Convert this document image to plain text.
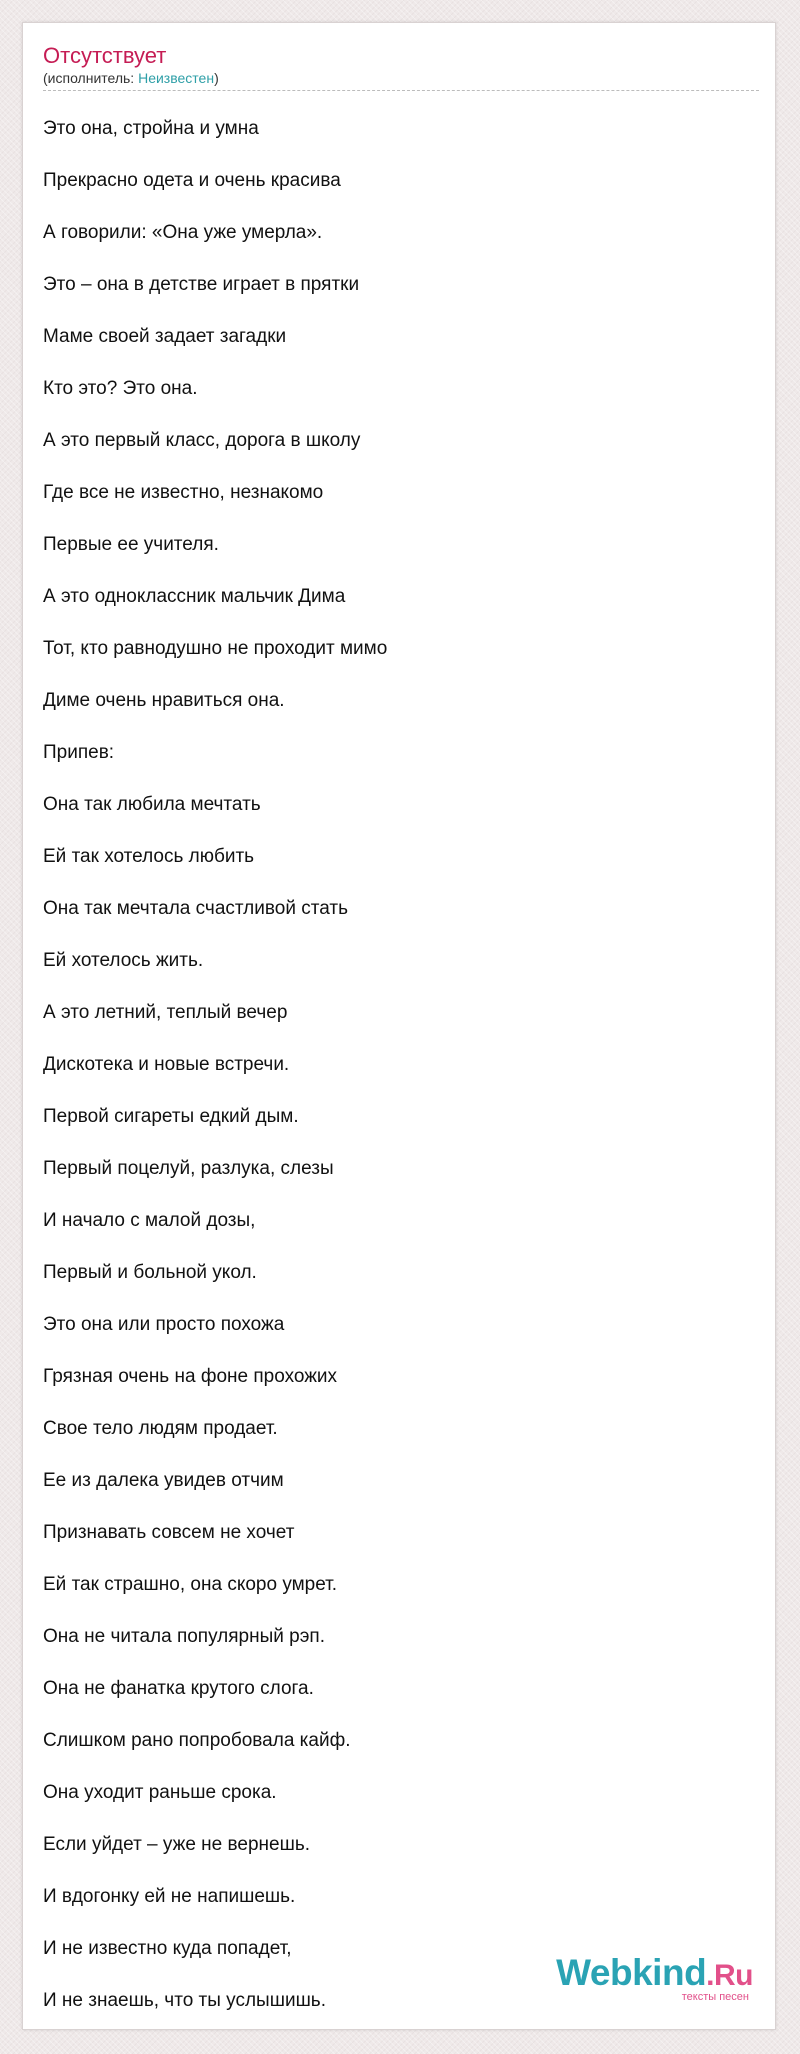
Отсутствует
(исполнитель: Неизвестен)
Это она, стройна и умна
Прекрасно одета и очень красива
А говорили: «Она уже умерла».
Это – она в детстве играет в прятки
Маме своей задает загадки
Кто это? Это она.
А это первый класс, дорога в школу
Где все не известно, незнакомо
Первые ее учителя.
А это одноклассник мальчик Дима
Тот, кто равнодушно не проходит мимо
Диме очень нравиться она.
Припев:
Она так любила мечтать
Ей так хотелось любить
Она так мечтала счастливой стать
Ей хотелось жить.
А это летний, теплый вечер
Дискотека и новые встречи.
Первой сигареты едкий дым.
Первый поцелуй, разлука, слезы
И начало с малой дозы,
Первый и больной укол.
Это она или просто похожа
Грязная очень на фоне прохожих
Свое тело людям продает.
Ее из далека увидев отчим
Признавать совсем не хочет
Ей так страшно, она скоро умрет.
Она не читала популярный рэп.
Она не фанатка крутого слога.
Слишком рано попробовала кайф.
Она уходит раньше срока.
Если уйдет – уже не вернешь.
И вдогонку ей не напишешь.
И не известно куда попадет,
И не знаешь, что ты услышишь.
Webkind.Ru
тексты песен
